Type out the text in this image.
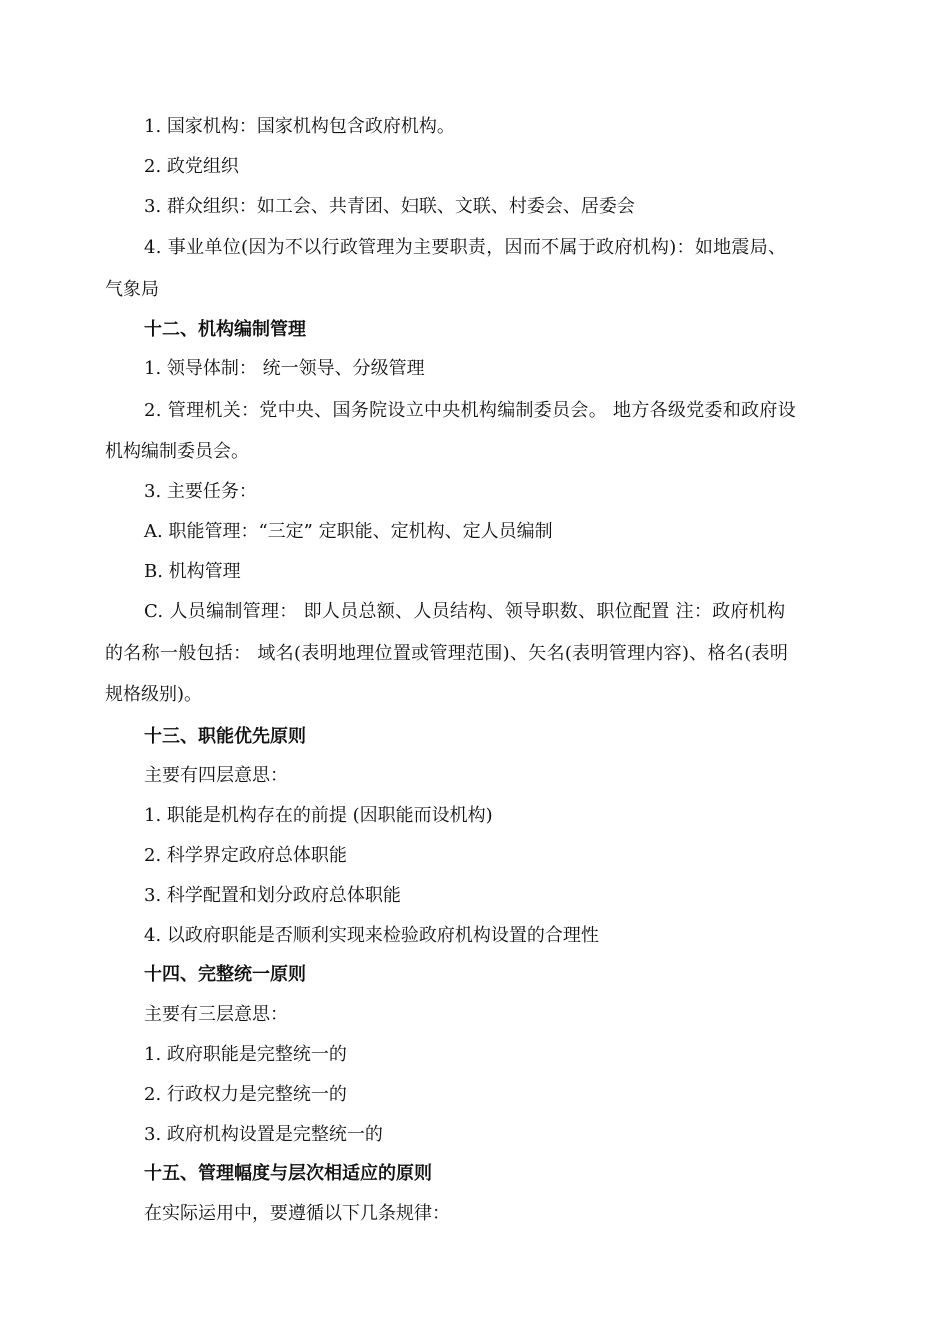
1. 国家机构：国家机构包含政府机构。
2. 政党组织
3. 群众组织：如工会、共青团、妇联、文联、村委会、居委会
4. 事业单位(因为不以行政管理为主要职责，因而不属于政府机构)：如地震局、
气象局
十二、机构编制管理
1. 领导体制： 统一领导、分级管理
2. 管理机关：党中央、国务院设立中央机构编制委员会。 地方各级党委和政府设
机构编制委员会。
3. 主要任务：
A. 职能管理：“三定” 定职能、定机构、定人员编制
B. 机构管理
C. 人员编制管理： 即人员总额、人员结构、领导职数、职位配置 注：政府机构
的名称一般包括： 域名(表明地理位置或管理范围)、矢名(表明管理内容)、格名(表明
规格级别)。
十三、职能优先原则
主要有四层意思：
1. 职能是机构存在的前提 (因职能而设机构)
2. 科学界定政府总体职能
3. 科学配置和划分政府总体职能
4. 以政府职能是否顺利实现来检验政府机构设置的合理性
十四、完整统一原则
主要有三层意思：
1. 政府职能是完整统一的
2. 行政权力是完整统一的
3. 政府机构设置是完整统一的
十五、管理幅度与层次相适应的原则
在实际运用中，要遵循以下几条规律：
